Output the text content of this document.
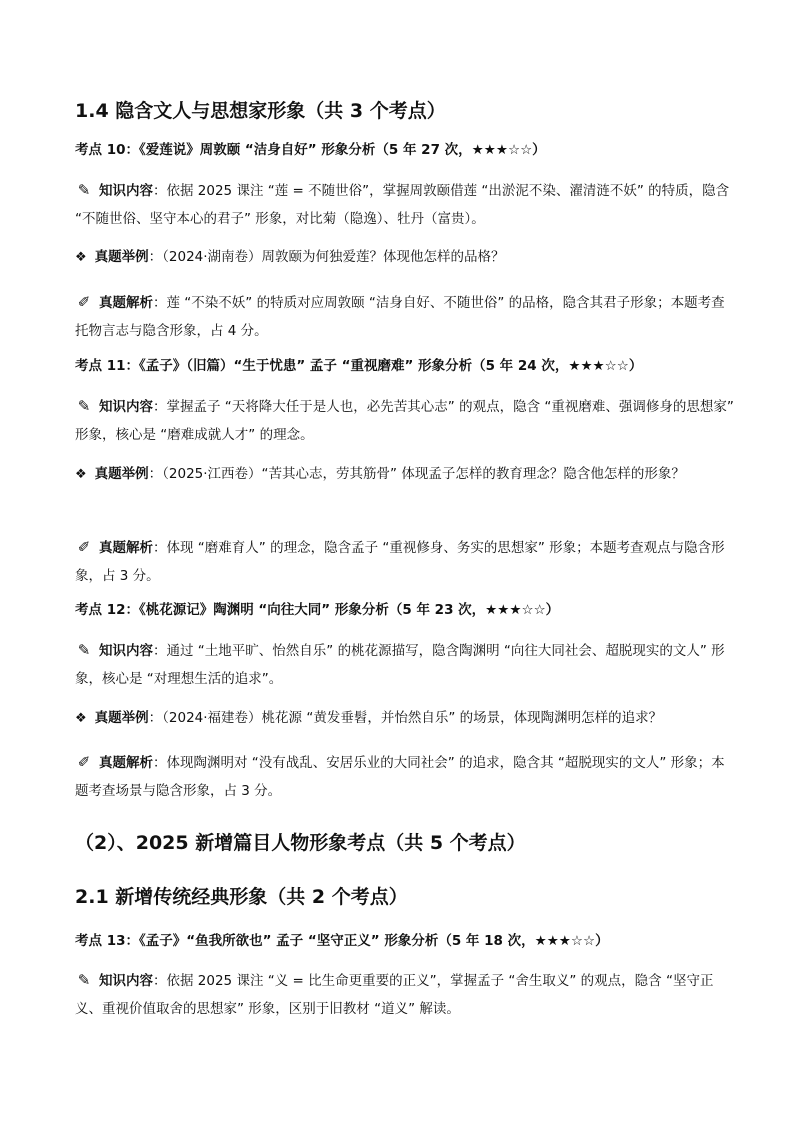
1.4 隐含文人与思想家形象（共 3 个考点）
考点 10：《爱莲说》周敦颐 “洁身自好” 形象分析（5 年 27 次，★★★☆☆）
✎ 知识内容：依据 2025 课注 “莲 = 不随世俗”，掌握周敦颐借莲 “出淤泥不染、濯清涟不妖” 的特质，隐含 “不随世俗、坚守本心的君子” 形象，对比菊（隐逸）、牡丹（富贵）。
❖ 真题举例：（2024·湖南卷）周敦颐为何独爱莲？体现他怎样的品格？
✐ 真题解析：莲 “不染不妖” 的特质对应周敦颐 “洁身自好、不随世俗” 的品格，隐含其君子形象；本题考查托物言志与隐含形象，占 4 分。
考点 11：《孟子》（旧篇）“生于忧患” 孟子 “重视磨难” 形象分析（5 年 24 次，★★★☆☆）
✎ 知识内容：掌握孟子 “天将降大任于是人也，必先苦其心志” 的观点，隐含 “重视磨难、强调修身的思想家” 形象，核心是 “磨难成就人才” 的理念。
❖ 真题举例：（2025·江西卷）“苦其心志，劳其筋骨” 体现孟子怎样的教育理念？隐含他怎样的形象？
✐ 真题解析：体现 “磨难育人” 的理念，隐含孟子 “重视修身、务实的思想家” 形象；本题考查观点与隐含形象，占 3 分。
考点 12：《桃花源记》陶渊明 “向往大同” 形象分析（5 年 23 次，★★★☆☆）
✎ 知识内容：通过 “土地平旷、怡然自乐” 的桃花源描写，隐含陶渊明 “向往大同社会、超脱现实的文人” 形象，核心是 “对理想生活的追求”。
❖ 真题举例：（2024·福建卷）桃花源 “黄发垂髫，并怡然自乐” 的场景，体现陶渊明怎样的追求？
✐ 真题解析：体现陶渊明对 “没有战乱、安居乐业的大同社会” 的追求，隐含其 “超脱现实的文人” 形象；本题考查场景与隐含形象，占 3 分。
（2）、2025 新增篇目人物形象考点（共 5 个考点）
2.1 新增传统经典形象（共 2 个考点）
考点 13：《孟子》“鱼我所欲也” 孟子 “坚守正义” 形象分析（5 年 18 次，★★★☆☆）
✎ 知识内容：依据 2025 课注 “义 = 比生命更重要的正义”，掌握孟子 “舍生取义” 的观点，隐含 “坚守正义、重视价值取舍的思想家” 形象，区别于旧教材 “道义” 解读。
